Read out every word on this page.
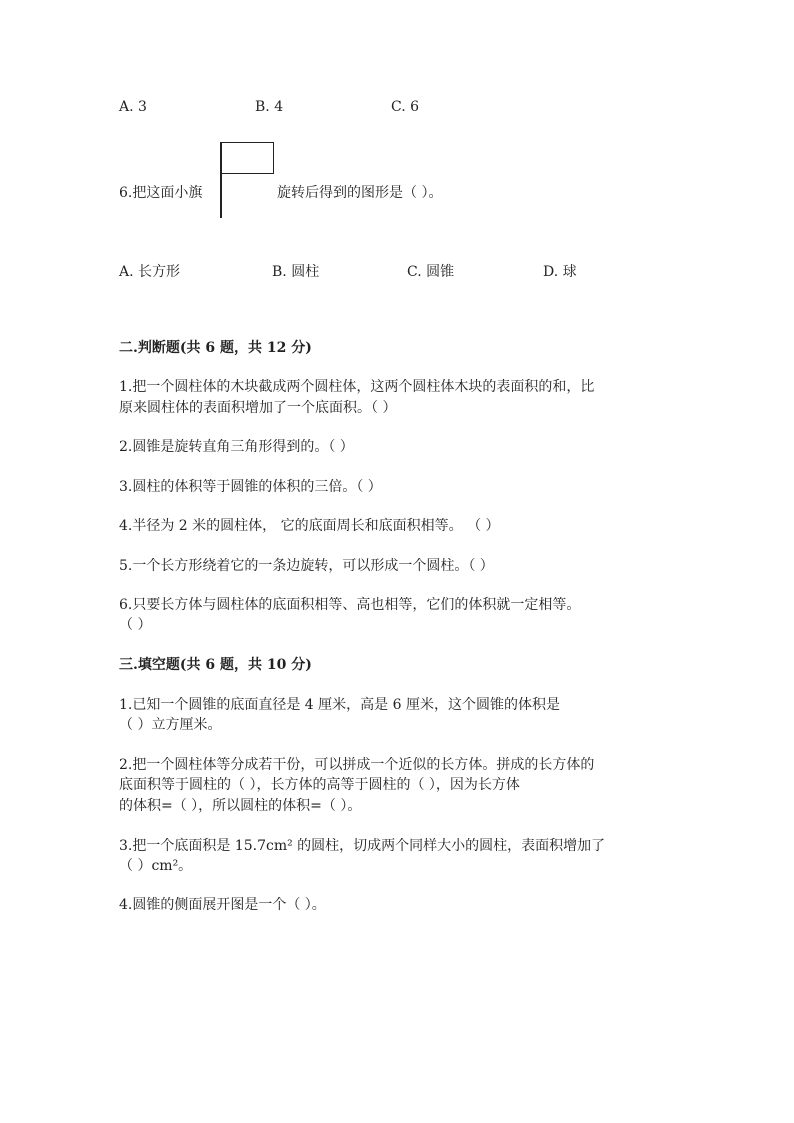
A. 3	B. 4	C. 6
6.把这面小旗	旋转后得到的图形是（ ）。
A. 长方形	B. 圆柱	C. 圆锥	D. 球
二.判断题(共 6 题，共 12 分)
1.把一个圆柱体的木块截成两个圆柱体，这两个圆柱体木块的表面积的和，比
原来圆柱体的表面积增加了一个底面积。（ ）
2.圆锥是旋转直角三角形得到的。（ ）
3.圆柱的体积等于圆锥的体积的三倍。（ ）
4.半径为 2 米的圆柱体， 它的底面周长和底面积相等。 （ ）
5.一个长方形绕着它的一条边旋转，可以形成一个圆柱。（ ）
6.只要长方体与圆柱体的底面积相等、高也相等，它们的体积就一定相等。
（ ）
三.填空题(共 6 题，共 10 分)
1.已知一个圆锥的底面直径是 4 厘米，高是 6 厘米，这个圆锥的体积是
（ ）立方厘米。
2.把一个圆柱体等分成若干份，可以拼成一个近似的长方体。拼成的长方体的
底面积等于圆柱的（ ），长方体的高等于圆柱的（ ），因为长方体
的体积=（ ），所以圆柱的体积=（ ）。
3.把一个底面积是 15.7cm² 的圆柱，切成两个同样大小的圆柱，表面积增加了
（ ）cm²。
4.圆锥的侧面展开图是一个（ ）。
